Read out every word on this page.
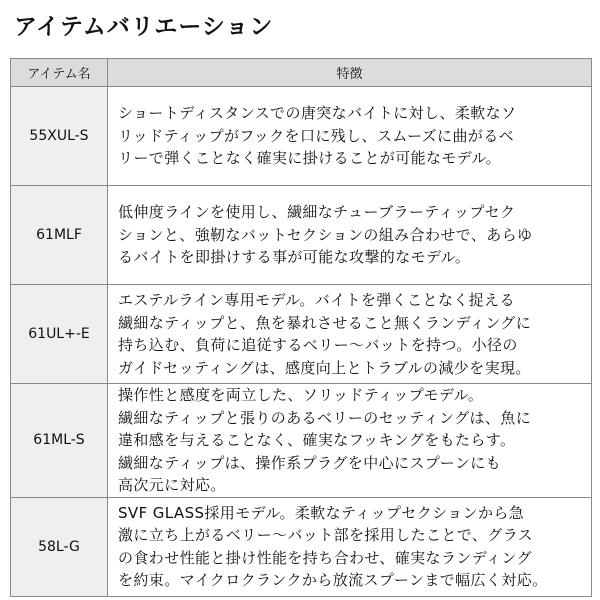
アイテムバリエーション
アイテム名	特徴
55XUL-S	ショートディスタンスでの唐突なバイトに対し、柔軟なソ
リッドティップがフックを口に残し、スムーズに曲がるベ
リーで弾くことなく確実に掛けることが可能なモデル。

61MLF	低伸度ラインを使用し、繊細なチューブラーティップセク
ションと、強靭なバットセクションの組み合わせで、あらゆ
るバイトを即掛けする事が可能な攻撃的なモデル。

61UL+-E	エステルライン専用モデル。バイトを弾くことなく捉える
繊細なティップと、魚を暴れさせること無くランディングに
持ち込む、負荷に追従するベリー〜バットを持つ。小径の
ガイドセッティングは、感度向上とトラブルの減少を実現。

61ML-S	操作性と感度を両立した、ソリッドティップモデル。
繊細なティップと張りのあるベリーのセッティングは、魚に
違和感を与えることなく、確実なフッキングをもたらす。
繊細なティップは、操作系プラグを中心にスプーンにも
高次元に対応。

58L-G	SVF GLASS採用モデル。柔軟なティップセクションから急
激に立ち上がるベリー〜バット部を採用したことで、グラス
の食わせ性能と掛け性能を持ち合わせ、確実なランディング
を約束。マイクロクランクから放流スプーンまで幅広く対応。
